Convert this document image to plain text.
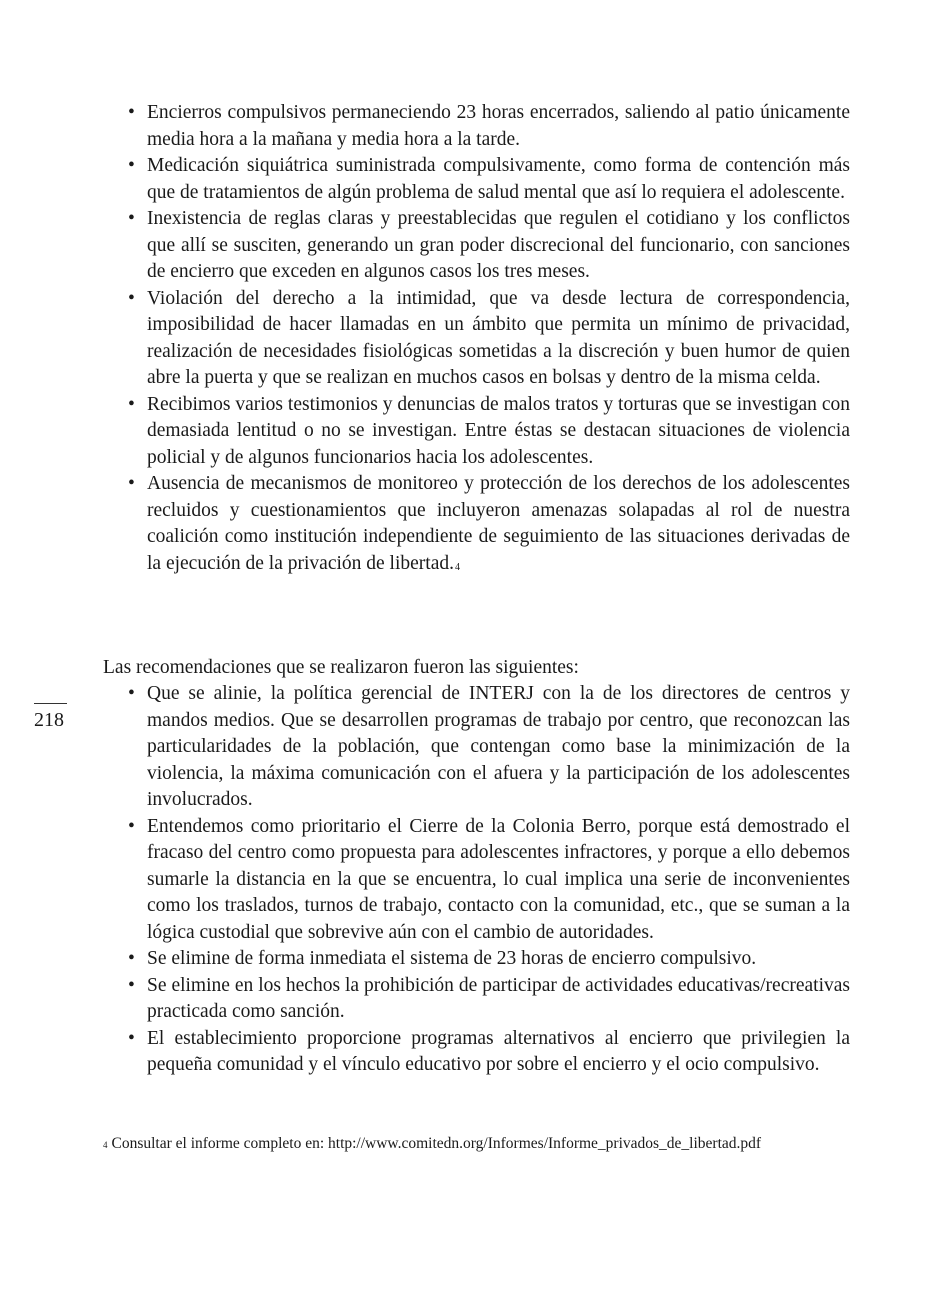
• Encierros compulsivos permaneciendo 23 horas encerrados, saliendo al patio únicamente media hora a la mañana y media hora a la tarde.
• Medicación siquiátrica suministrada compulsivamente, como forma de contención más que de tratamientos de algún problema de salud mental que así lo requiera el adolescente.
• Inexistencia de reglas claras y preestablecidas que regulen el cotidiano y los conflictos que allí se susciten, generando un gran poder discrecional del funcionario, con sanciones de encierro que exceden en algunos casos los tres meses.
• Violación del derecho a la intimidad, que va desde lectura de correspondencia, imposibilidad de hacer llamadas en un ámbito que permita un mínimo de privacidad, realización de necesidades fisiológicas sometidas a la discreción y buen humor de quien abre la puerta y que se realizan en muchos casos en bolsas y dentro de la misma celda.
• Recibimos varios testimonios y denuncias de malos tratos y torturas que se investigan con demasiada lentitud o no se investigan. Entre éstas se destacan situaciones de violencia policial y de algunos funcionarios hacia los adolescentes.
• Ausencia de mecanismos de monitoreo y protección de los derechos de los adolescentes recluidos y cuestionamientos que incluyeron amenazas solapadas al rol de nuestra coalición como institución independiente de seguimiento de las situaciones derivadas de la ejecución de la privación de libertad.$^4$
Las recomendaciones que se realizaron fueron las siguientes:
218
• Que se alinie, la política gerencial de INTERJ con la de los directores de centros y mandos medios. Que se desarrollen programas de trabajo por centro, que reconozcan las particularidades de la población, que contengan como base la minimización de la violencia, la máxima comunicación con el afuera y la participación de los adolescentes involucrados.
• Entendemos como prioritario el Cierre de la Colonia Berro, porque está demostrado el fracaso del centro como propuesta para adolescentes infractores, y porque a ello debemos sumarle la distancia en la que se encuentra, lo cual implica una serie de inconvenientes como los traslados, turnos de trabajo, contacto con la comunidad, etc., que se suman a la lógica custodial que sobrevive aún con el cambio de autoridades.
• Se elimine de forma inmediata el sistema de 23 horas de encierro compulsivo.
• Se elimine en los hechos la prohibición de participar de actividades educativas/recreativas practicada como sanción.
• El establecimiento proporcione programas alternativos al encierro que privilegien la pequeña comunidad y el vínculo educativo por sobre el encierro y el ocio compulsivo.
$^4$ Consultar el informe completo en: http://www.comitedn.org/Informes/Informe_privados_de_libertad.pdf
